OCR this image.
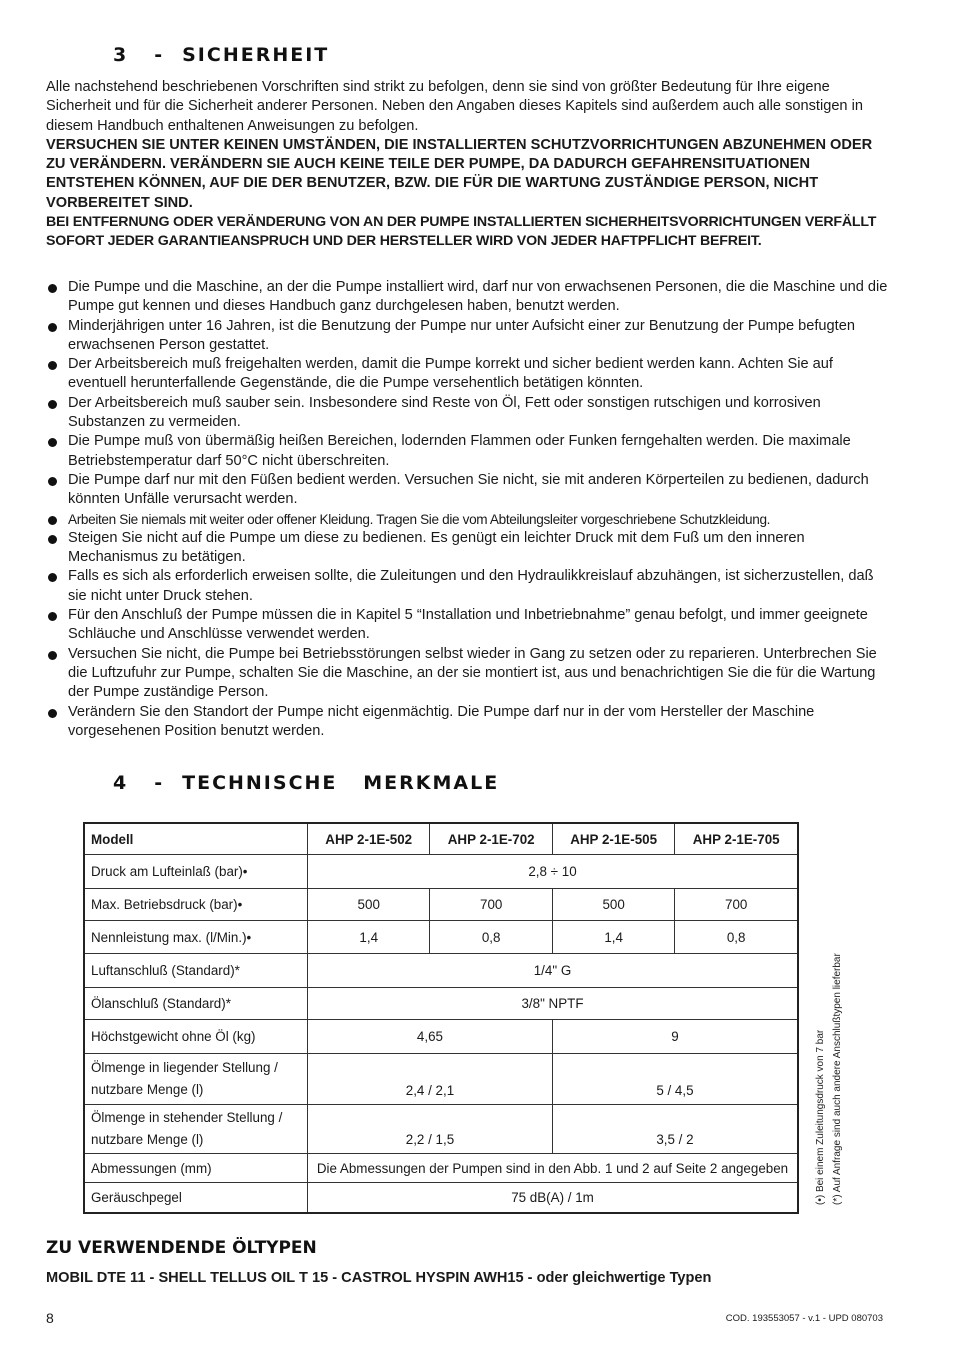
3 - SICHERHEIT

Alle nachstehend beschriebenen Vorschriften sind strikt zu befolgen, denn sie sind von größter Bedeutung für Ihre eigene Sicherheit und für die Sicherheit anderer Personen. Neben den Angaben dieses Kapitels sind außerdem auch alle sonstigen in diesem Handbuch enthaltenen Anweisungen zu befolgen.

VERSUCHEN SIE UNTER KEINEN UMSTÄNDEN, DIE INSTALLIERTEN SCHUTZVORRICHTUNGEN ABZUNEHMEN ODER ZU VERÄNDERN. VERÄNDERN SIE AUCH KEINE TEILE DER PUMPE, DA DADURCH GEFAHRENSITUATIONEN ENTSTEHEN KÖNNEN, AUF DIE DER BENUTZER, BZW. DIE FÜR DIE WARTUNG ZUSTÄNDIGE PERSON, NICHT VORBEREITET SIND.

BEI ENTFERNUNG ODER VERÄNDERUNG VON AN DER PUMPE INSTALLIERTEN SICHERHEITSVORRICHTUNGEN VERFÄLLT SOFORT JEDER GARANTIEANSPRUCH UND DER HERSTELLER WIRD VON JEDER HAFTPFLICHT BEFREIT.

Die Pumpe und die Maschine, an der die Pumpe installiert wird, darf nur von erwachsenen Personen, die die Maschine und die Pumpe gut kennen und dieses Handbuch ganz durchgelesen haben, benutzt werden.
Minderjährigen unter 16 Jahren, ist die Benutzung der Pumpe nur unter Aufsicht einer zur Benutzung der Pumpe befugten erwachsenen Person gestattet.
Der Arbeitsbereich muß freigehalten werden, damit die Pumpe korrekt und sicher bedient werden kann. Achten Sie auf eventuell herunterfallende Gegenstände, die die Pumpe versehentlich betätigen könnten.
Der Arbeitsbereich muß sauber sein. Insbesondere sind Reste von Öl, Fett oder sonstigen rutschigen und korrosiven Substanzen zu vermeiden.
Die Pumpe muß von übermäßig heißen Bereichen, lodernden Flammen oder Funken ferngehalten werden. Die maximale Betriebstemperatur darf 50°C nicht überschreiten.
Die Pumpe darf nur mit den Füßen bedient werden. Versuchen Sie nicht, sie mit anderen Körperteilen zu bedienen, dadurch könnten Unfälle verursacht werden.
Arbeiten Sie niemals mit weiter oder offener Kleidung. Tragen Sie die vom Abteilungsleiter vorgeschriebene Schutzkleidung.
Steigen Sie nicht auf die Pumpe um diese zu bedienen. Es genügt ein leichter Druck mit dem Fuß um den inneren Mechanismus zu betätigen.
Falls es sich als erforderlich erweisen sollte, die Zuleitungen und den Hydraulikkreislauf abzuhängen, ist sicherzustellen, daß sie nicht unter Druck stehen.
Für den Anschluß der Pumpe müssen die in Kapitel 5 “Installation und Inbetriebnahme” genau befolgt, und immer geeignete Schläuche und Anschlüsse verwendet werden.
Versuchen Sie nicht, die Pumpe bei Betriebsstörungen selbst wieder in Gang zu setzen oder zu reparieren. Unterbrechen Sie die Luftzufuhr zur Pumpe, schalten Sie die Maschine, an der sie montiert ist, aus und benachrichtigen Sie die für die Wartung der Pumpe zuständige Person.
Verändern Sie den Standort der Pumpe nicht eigenmächtig. Die Pumpe darf nur in der vom Hersteller der Maschine vorgesehenen Position benutzt werden.
4 - TECHNISCHE   MERKMALE
Modell	AHP 2-1E-502	AHP 2-1E-702	AHP 2-1E-505	AHP 2-1E-705
Druck am Lufteinlaß (bar)•	2,8 ÷ 10			
Max. Betriebsdruck (bar)•	500	700	500	700
Nennleistung max. (l/Min.)•	1,4	0,8	1,4	0,8
Luftanschluß (Standard)*	1/4" G			
Ölanschluß (Standard)*	3/8" NPTF			
Höchstgewicht ohne Öl (kg)	4,65		9	

Ölmenge in liegender Stellung /
nutzbare Menge (l)	2,4 / 2,1		5 / 4,5	

Ölmenge in stehender Stellung /
nutzbare Menge (l)	2,2 / 1,5		3,5 / 2	
Abmessungen (mm)	Die Abmessungen der Pumpen sind in den Abb. 1 und 2 auf Seite 2 angegeben			
Geräuschpegel	75 dB(A) / 1m				(•) Bei einem Zuleitungsdruck von 7 bar (*) Auf Anfrage sind auch andere Anschlußtypen lieferbar
ZU VERWENDENDE ÖLTYPEN
MOBIL DTE 11 - SHELL TELLUS OIL T 15 - CASTROL HYSPIN AWH15 - oder gleichwertige Typen
8	COD. 193553057 - v.1 - UPD 080703
